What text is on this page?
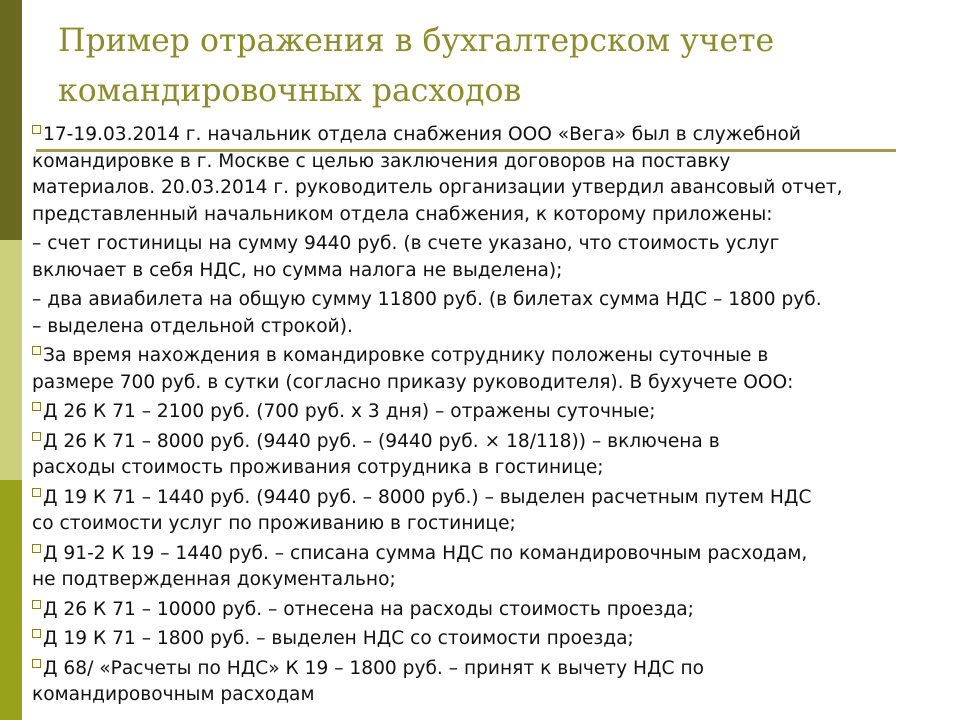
Пример отражения в бухгалтерском учете командировочных расходов

17-19.03.2014 г. начальник отдела снабжения ООО «Вега» был в служебной
командировке в г. Москве с целью заключения договоров на поставку
материалов. 20.03.2014 г. руководитель организации утвердил авансовый отчет,
представленный начальником отдела снабжения, к которому приложены:

– счет гостиницы на сумму 9440 руб. (в счете указано, что стоимость услуг
включает в себя НДС, но сумма налога не выделена);

– два авиабилета на общую сумму 11800 руб. (в билетах сумма НДС – 1800 руб.
– выделена отдельной строкой).

За время нахождения в командировке сотруднику положены суточные в
размере 700 руб. в сутки (согласно приказу руководителя). В бухучете ООО:

Д 26 К 71 – 2100 руб. (700 руб. х 3 дня) – отражены суточные;

Д 26 К 71 – 8000 руб. (9440 руб. – (9440 руб. × 18/118)) – включена в
расходы стоимость проживания сотрудника в гостинице;

Д 19 К 71 – 1440 руб. (9440 руб. – 8000 руб.) – выделен расчетным путем НДС
со стоимости услуг по проживанию в гостинице;

Д 91-2 К 19 – 1440 руб. – списана сумма НДС по командировочным расходам,
не подтвержденная документально;

Д 26 К 71 – 10000 руб. – отнесена на расходы стоимость проезда;

Д 19 К 71 – 1800 руб. – выделен НДС со стоимости проезда;

Д 68/ «Расчеты по НДС» К 19 – 1800 руб. – принят к вычету НДС по
командировочным расходам
